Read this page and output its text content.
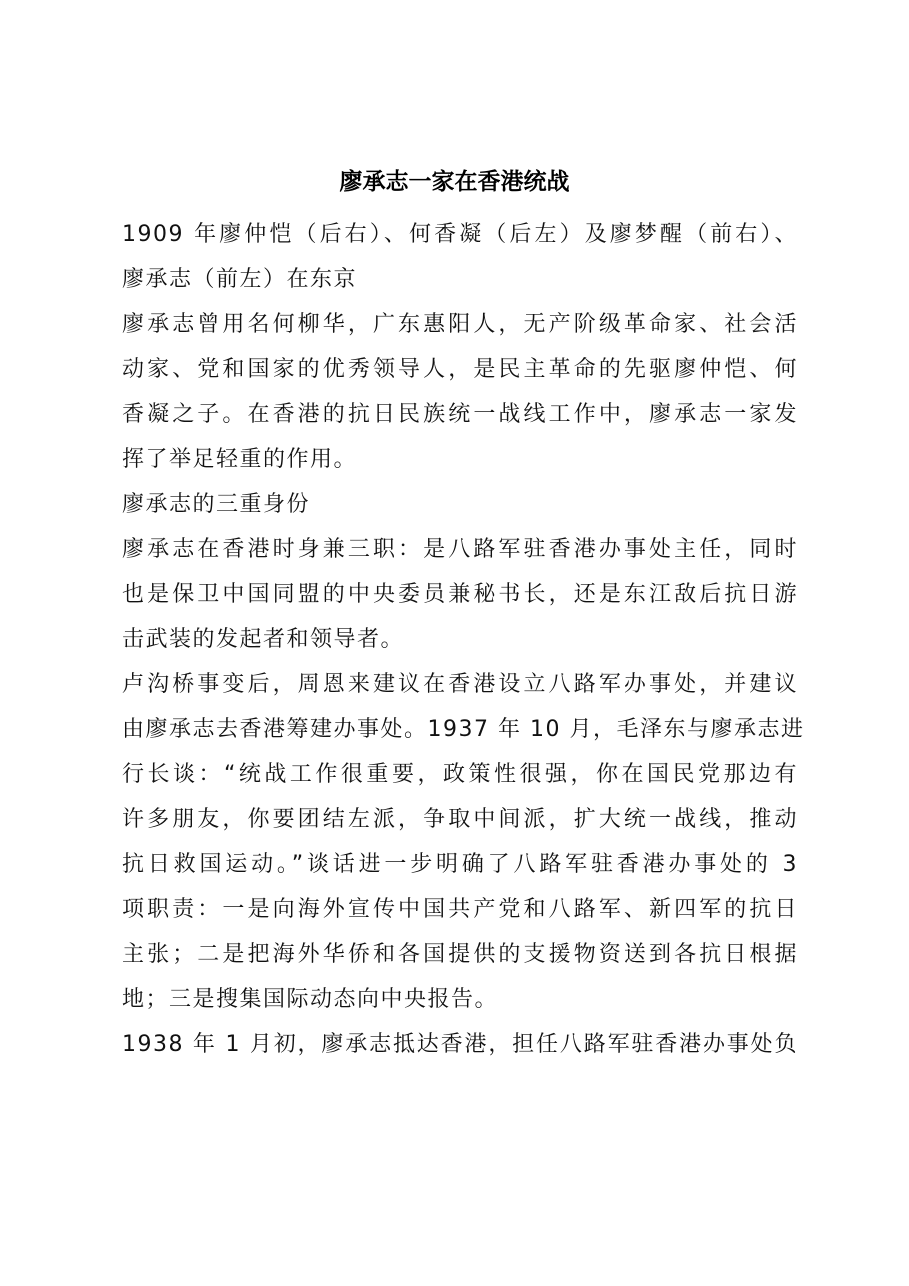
廖承志一家在香港统战

1909 年廖仲恺（后右）、何香凝（后左）及廖梦醒（前右）、
廖承志（前左）在东京

廖承志曾用名何柳华，广东惠阳人，无产阶级革命家、社会活
动家、党和国家的优秀领导人，是民主革命的先驱廖仲恺、何
香凝之子。在香港的抗日民族统一战线工作中，廖承志一家发
挥了举足轻重的作用。

廖承志的三重身份

廖承志在香港时身兼三职：是八路军驻香港办事处主任，同时
也是保卫中国同盟的中央委员兼秘书长，还是东江敌后抗日游
击武装的发起者和领导者。

卢沟桥事变后，周恩来建议在香港设立八路军办事处，并建议
由廖承志去香港筹建办事处。1937 年 10 月，毛泽东与廖承志进
行长谈：“统战工作很重要，政策性很强，你在国民党那边有
许多朋友，你要团结左派，争取中间派，扩大统一战线，推动
抗日救国运动。”谈话进一步明确了八路军驻香港办事处的 3
项职责：一是向海外宣传中国共产党和八路军、新四军的抗日
主张；二是把海外华侨和各国提供的支援物资送到各抗日根据
地；三是搜集国际动态向中央报告。

1938 年 1 月初，廖承志抵达香港，担任八路军驻香港办事处负
